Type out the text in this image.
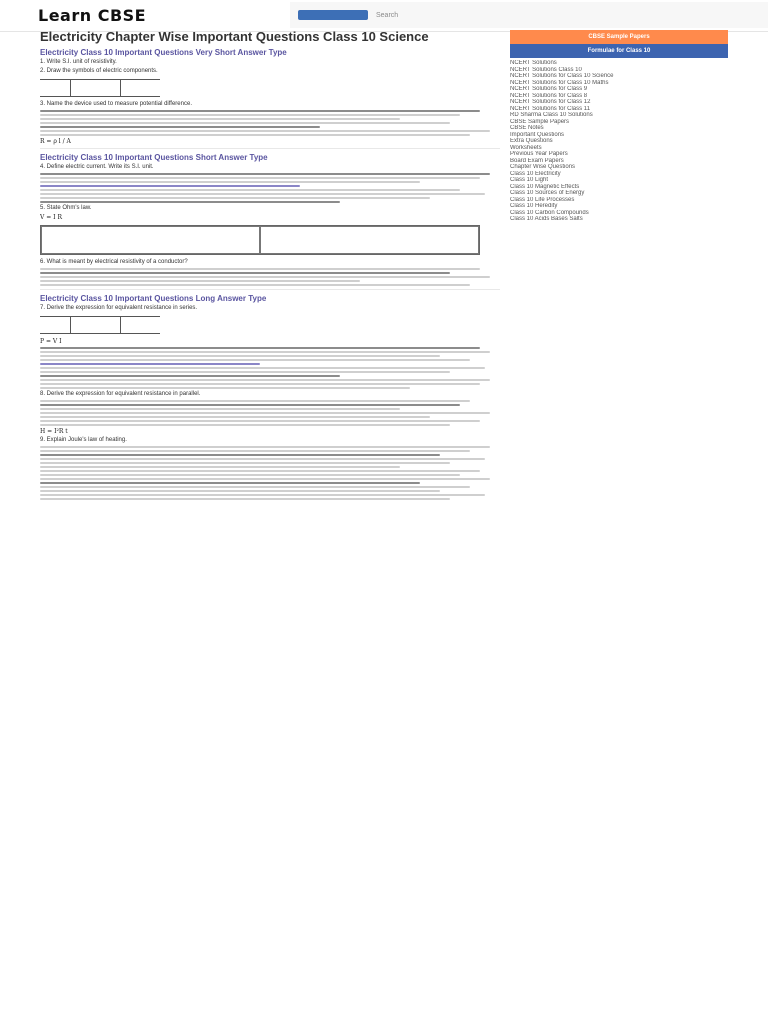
Learn CBSE	Search
Electricity Chapter Wise Important Questions Class 10 Science
Electricity Class 10 Important Questions Very Short Answer Type
1. Write S.I. unit of resistivity.
2. Draw the symbols of electric components.
3. Name the device used to measure potential difference.
R = ρ l / A
Electricity Class 10 Important Questions Short Answer Type
4. Define electric current. Write its S.I. unit.
5. State Ohm's law.
V = I R
6. What is meant by electrical resistivity of a conductor?
Electricity Class 10 Important Questions Long Answer Type
7. Derive the expression for equivalent resistance in series.
P = V I
8. Derive the expression for equivalent resistance in parallel.
H = I²R t
9. Explain Joule's law of heating.
CBSE Sample Papers
Formulae for Class 10
NCERT Solutions
NCERT Solutions Class 10
NCERT Solutions for Class 10 Science
NCERT Solutions for Class 10 Maths
NCERT Solutions for Class 9
NCERT Solutions for Class 8
NCERT Solutions for Class 12
NCERT Solutions for Class 11
RD Sharma Class 10 Solutions
CBSE Sample Papers
CBSE Notes
Important Questions
Extra Questions
Worksheets
Previous Year Papers
Board Exam Papers
Chapter Wise Questions
Class 10 Electricity
Class 10 Light
Class 10 Magnetic Effects
Class 10 Sources of Energy
Class 10 Life Processes
Class 10 Heredity
Class 10 Carbon Compounds
Class 10 Acids Bases Salts
